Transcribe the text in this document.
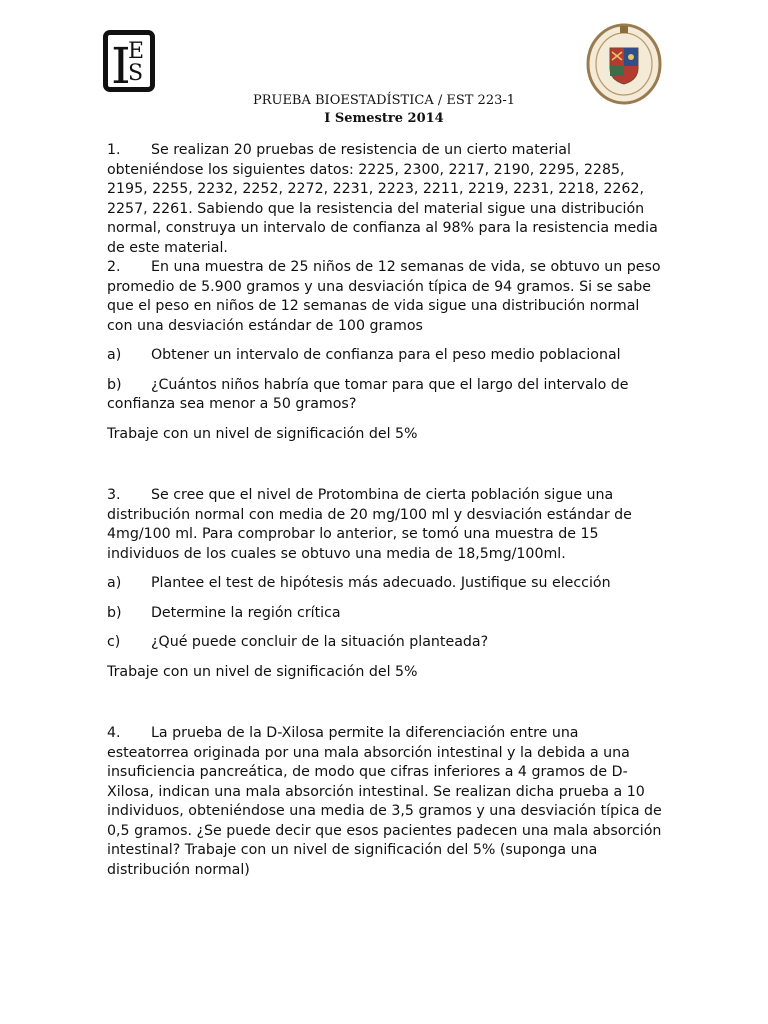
I
E
S
PRUEBA BIOESTADÍSTICA / EST 223-1
I Semestre 2014

1. Se realizan 20 pruebas de resistencia de un cierto material obteniéndose los siguientes datos: 2225, 2300, 2217, 2190, 2295, 2285, 2195, 2255, 2232, 2252, 2272, 2231, 2223, 2211, 2219, 2231, 2218, 2262, 2257, 2261. Sabiendo que la resistencia del material sigue una distribución normal, construya un intervalo de confianza al 98% para la resistencia media de este material.

2. En una muestra de 25 niños de 12 semanas de vida, se obtuvo un peso promedio de 5.900 gramos y una desviación típica de 94 gramos. Si se sabe que el peso en niños de 12 semanas de vida sigue una distribución normal con una desviación estándar de 100 gramos

a) Obtener un intervalo de confianza para el peso medio poblacional

b) ¿Cuántos niños habría que tomar para que el largo del intervalo de confianza sea menor a 50 gramos?

Trabaje con un nivel de significación del 5%

3. Se cree que el nivel de Protombina de cierta población sigue una distribución normal con media de 20 mg/100 ml y desviación estándar de 4mg/100 ml. Para comprobar lo anterior, se tomó una muestra de 15 individuos de los cuales se obtuvo una media de 18,5mg/100ml.

a) Plantee el test de hipótesis más adecuado. Justifique su elección

b) Determine la región crítica

c) ¿Qué puede concluir de la situación planteada?

Trabaje con un nivel de significación del 5%

4. La prueba de la D-Xilosa permite la diferenciación entre una esteatorrea originada por una mala absorción intestinal y la debida a una insuficiencia pancreática, de modo que cifras inferiores a 4 gramos de D-Xilosa, indican una mala absorción intestinal. Se realizan dicha prueba a 10 individuos, obteniéndose una media de 3,5 gramos y una desviación típica de 0,5 gramos. ¿Se puede decir que esos pacientes padecen una mala absorción intestinal? Trabaje con un nivel de significación del 5% (suponga una distribución normal)
